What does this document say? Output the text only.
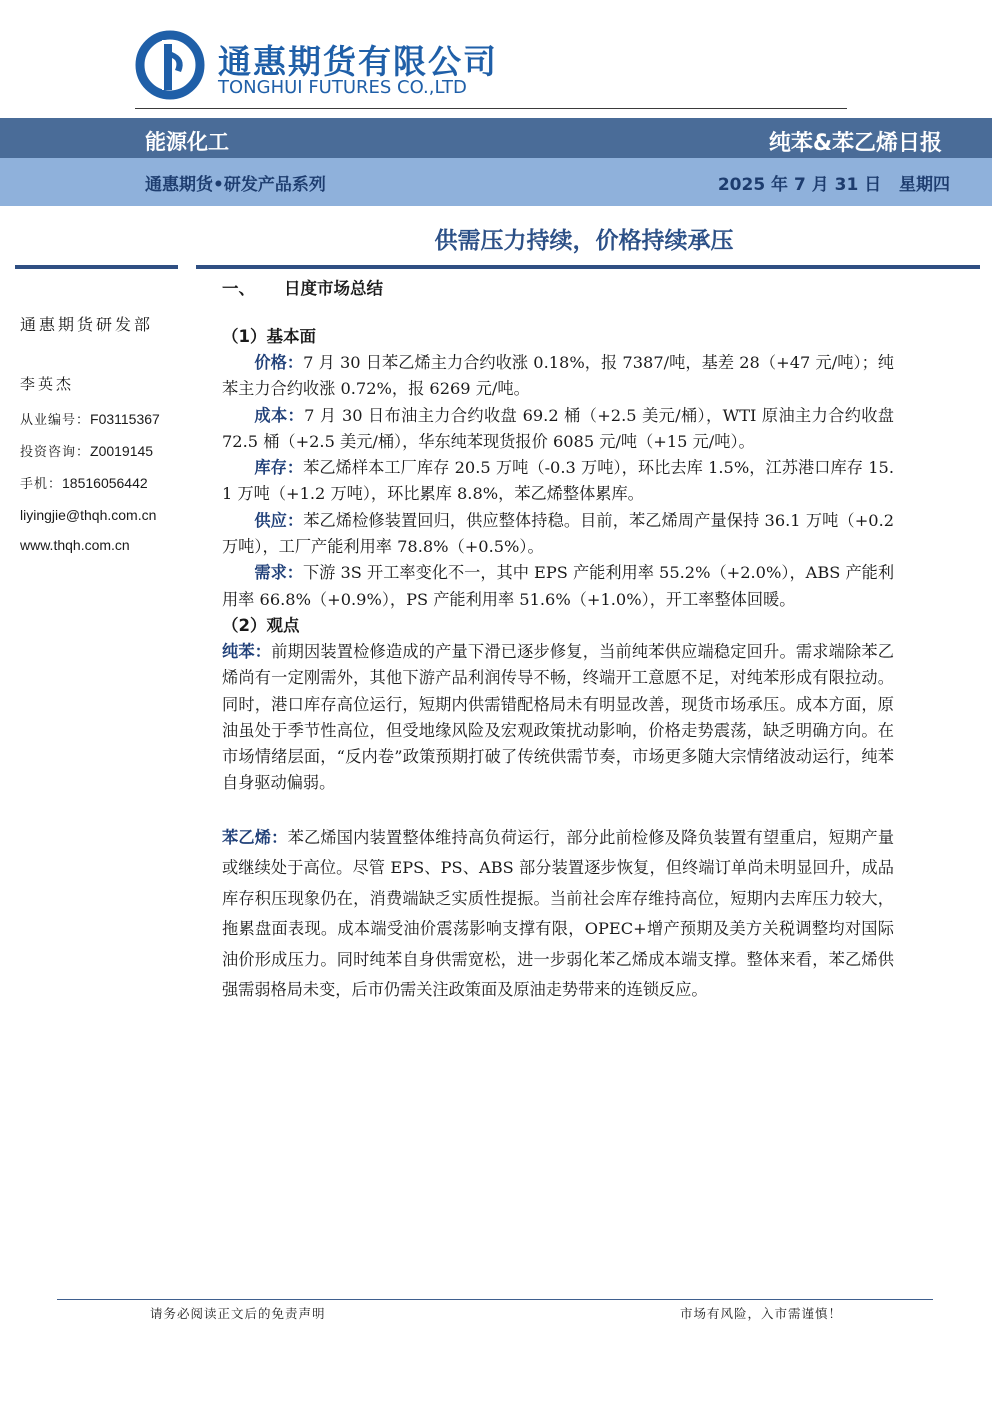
通惠期货有限公司
TONGHUI FUTURES CO.,LTD
能源化工	纯苯&苯乙烯日报
通惠期货•研发产品系列	2025 年 7 月 31 日 星期四
供需压力持续，价格持续承压
通惠期货研发部
李英杰
从业编号：F03115367
投资咨询：Z0019145
手机：18516056442
liyingjie@thqh.com.cn
www.thqh.com.cn
一、 日度市场总结
（1）基本面

价格：7 月 30 日苯乙烯主力合约收涨 0.18%，报 7387/吨，基差 28（+47 元/吨）；纯苯主力合约收涨 0.72%，报 6269 元/吨。

成本：7 月 30 日布油主力合约收盘 69.2 桶（+2.5 美元/桶），WTI 原油主力合约收盘 72.5 桶（+2.5 美元/桶），华东纯苯现货报价 6085 元/吨（+15 元/吨）。

库存：苯乙烯样本工厂库存 20.5 万吨（-0.3 万吨），环比去库 1.5%，江苏港口库存 15.1 万吨（+1.2 万吨），环比累库 8.8%，苯乙烯整体累库。

供应：苯乙烯检修装置回归，供应整体持稳。目前，苯乙烯周产量保持 36.1 万吨（+0.2 万吨），工厂产能利用率 78.8%（+0.5%）。

需求：下游 3S 开工率变化不一，其中 EPS 产能利用率 55.2%（+2.0%），ABS 产能利用率 66.8%（+0.9%），PS 产能利用率 51.6%（+1.0%），开工率整体回暖。

（2）观点

纯苯：前期因装置检修造成的产量下滑已逐步修复，当前纯苯供应端稳定回升。需求端除苯乙烯尚有一定刚需外，其他下游产品利润传导不畅，终端开工意愿不足，对纯苯形成有限拉动。同时，港口库存高位运行，短期内供需错配格局未有明显改善，现货市场承压。成本方面，原油虽处于季节性高位，但受地缘风险及宏观政策扰动影响，价格走势震荡，缺乏明确方向。在市场情绪层面，“反内卷”政策预期打破了传统供需节奏，市场更多随大宗情绪波动运行，纯苯自身驱动偏弱。

苯乙烯：苯乙烯国内装置整体维持高负荷运行，部分此前检修及降负装置有望重启，短期产量或继续处于高位。尽管 EPS、PS、ABS 部分装置逐步恢复，但终端订单尚未明显回升，成品库存积压现象仍在，消费端缺乏实质性提振。当前社会库存维持高位，短期内去库压力较大，拖累盘面表现。成本端受油价震荡影响支撑有限，OPEC+增产预期及美方关税调整均对国际油价形成压力。同时纯苯自身供需宽松，进一步弱化苯乙烯成本端支撑。整体来看，苯乙烯供强需弱格局未变，后市仍需关注政策面及原油走势带来的连锁反应。

请务必阅读正文后的免责声明	市场有风险，入市需谨慎！
